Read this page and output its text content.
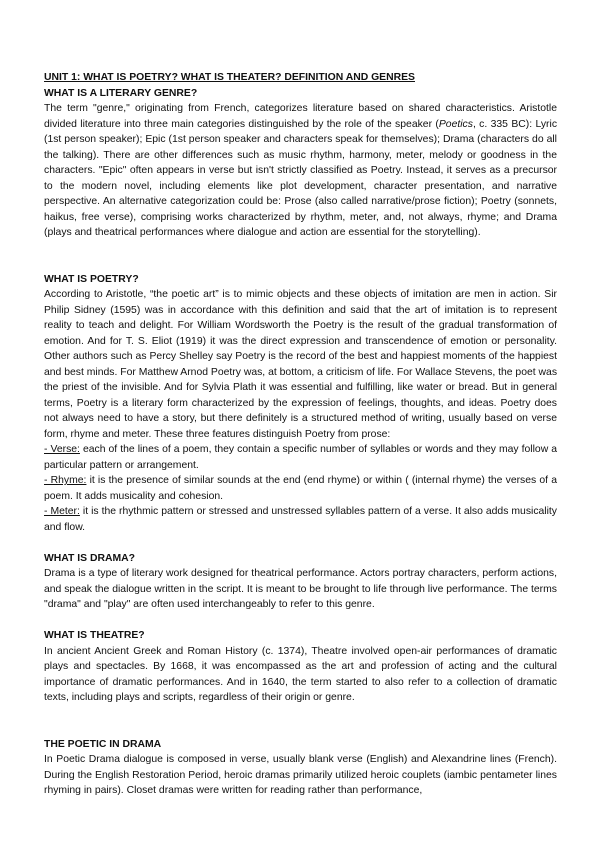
UNIT 1: WHAT IS POETRY? WHAT IS THEATER? DEFINITION AND GENRES

WHAT IS A LITERARY GENRE?

The term "genre," originating from French, categorizes literature based on shared characteristics. Aristotle divided literature into three main categories distinguished by the role of the speaker (Poetics, c. 335 BC): Lyric (1st person speaker); Epic (1st person speaker and characters speak for themselves); Drama (characters do all the talking). There are other differences such as music rhythm, harmony, meter, melody or goodness in the characters. "Epic" often appears in verse but isn't strictly classified as Poetry. Instead, it serves as a precursor to the modern novel, including elements like plot development, character presentation, and narrative perspective. An alternative categorization could be: Prose (also called narrative/prose fiction); Poetry (sonnets, haikus, free verse), comprising works characterized by rhythm, meter, and, not always, rhyme; and Drama (plays and theatrical performances where dialogue and action are essential for the storytelling).

WHAT IS POETRY?

According to Aristotle, “the poetic art” is to mimic objects and these objects of imitation are men in action. Sir Philip Sidney (1595) was in accordance with this definition and said that the art of imitation is to represent reality to teach and delight. For William Wordsworth the Poetry is the result of the gradual transformation of emotion. And for T. S. Eliot (1919) it was the direct expression and transcendence of emotion or personality. Other authors such as Percy Shelley say Poetry is the record of the best and happiest moments of the happiest and best minds. For Matthew Arnod Poetry was, at bottom, a criticism of life. For Wallace Stevens, the poet was the priest of the invisible. And for Sylvia Plath it was essential and fulfilling, like water or bread. But in general terms, Poetry is a literary form characterized by the expression of feelings, thoughts, and ideas. Poetry does not always need to have a story, but there definitely is a structured method of writing, usually based on verse form, rhyme and meter. These three features distinguish Poetry from prose:

- Verse: each of the lines of a poem, they contain a specific number of syllables or words and they may follow a particular pattern or arrangement.

- Rhyme: it is the presence of similar sounds at the end (end rhyme) or within ( (internal rhyme) the verses of a poem. It adds musicality and cohesion.

- Meter: it is the rhythmic pattern or stressed and unstressed syllables pattern of a verse. It also adds musicality and flow.

WHAT IS DRAMA?

Drama is a type of literary work designed for theatrical performance. Actors portray characters, perform actions, and speak the dialogue written in the script. It is meant to be brought to life through live performance. The terms "drama" and "play" are often used interchangeably to refer to this genre.

WHAT IS THEATRE?

In ancient Ancient Greek and Roman History (c. 1374), Theatre involved open-air performances of dramatic plays and spectacles. By 1668, it was encompassed as the art and profession of acting and the cultural importance of dramatic performances. And in 1640, the term started to also refer to a collection of dramatic texts, including plays and scripts, regardless of their origin or genre.

THE POETIC IN DRAMA

In Poetic Drama dialogue is composed in verse, usually blank verse (English) and Alexandrine lines (French). During the English Restoration Period, heroic dramas primarily utilized heroic couplets (iambic pentameter lines rhyming in pairs). Closet dramas were written for reading rather than performance,
